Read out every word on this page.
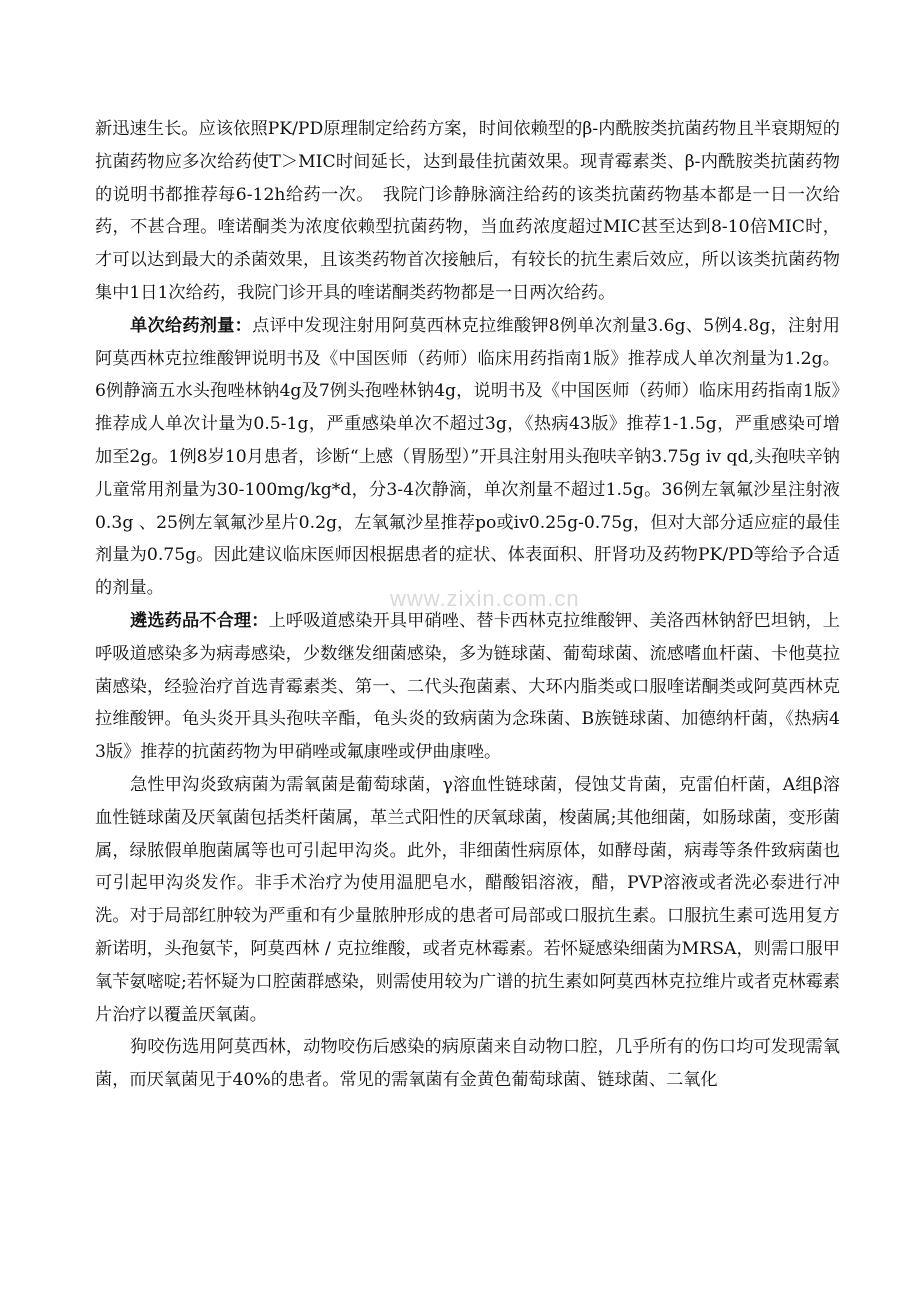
www.zixin.com.cn

新迅速生长。应该依照PK/PD原理制定给药方案，时间依赖型的β-内酰胺类抗菌药物且半衰期短的抗菌药物应多次给药使T＞MIC时间延长，达到最佳抗菌效果。现青霉素类、β-内酰胺类抗菌药物的说明书都推荐每6-12h给药一次。　我院门诊静脉滴注给药的该类抗菌药物基本都是一日一次给药，不甚合理。喹诺酮类为浓度依赖型抗菌药物，当血药浓度超过MIC甚至达到8-10倍MIC时，才可以达到最大的杀菌效果，且该类药物首次接触后，有较长的抗生素后效应，所以该类抗菌药物集中1日1次给药，我院门诊开具的喹诺酮类药物都是一日两次给药。

单次给药剂量：点评中发现注射用阿莫西林克拉维酸钾8例单次剂量3.6g、5例4.8g，注射用阿莫西林克拉维酸钾说明书及《中国医师（药师）临床用药指南1版》推荐成人单次剂量为1.2g。6例静滴五水头孢唑林钠4g及7例头孢唑林钠4g，说明书及《中国医师（药师）临床用药指南1版》推荐成人单次计量为0.5-1g，严重感染单次不超过3g，《热病43版》推荐1-1.5g，严重感染可增加至2g。1例8岁10月患者，诊断“上感（胃肠型）”开具注射用头孢呋辛钠3.75g iv qd,头孢呋辛钠儿童常用剂量为30-100mg/kg*d，分3-4次静滴，单次剂量不超过1.5g。36例左氧氟沙星注射液0.3g 、25例左氧氟沙星片0.2g，左氧氟沙星推荐po或iv0.25g-0.75g，但对大部分适应症的最佳剂量为0.75g。因此建议临床医师因根据患者的症状、体表面积、肝肾功及药物PK/PD等给予合适的剂量。

遴选药品不合理：上呼吸道感染开具甲硝唑、替卡西林克拉维酸钾、美洛西林钠舒巴坦钠，上呼吸道感染多为病毒感染，少数继发细菌感染，多为链球菌、葡萄球菌、流感嗜血杆菌、卡他莫拉菌感染，经验治疗首选青霉素类、第一、二代头孢菌素、大环内脂类或口服喹诺酮类或阿莫西林克拉维酸钾。龟头炎开具头孢呋辛酯，龟头炎的致病菌为念珠菌、B族链球菌、加德纳杆菌，《热病43版》推荐的抗菌药物为甲硝唑或氟康唑或伊曲康唑。

急性甲沟炎致病菌为需氧菌是葡萄球菌，γ溶血性链球菌，侵蚀艾肯菌，克雷伯杆菌，A组β溶血性链球菌及厌氧菌包括类杆菌属，革兰式阳性的厌氧球菌，梭菌属;其他细菌，如肠球菌，变形菌属，绿脓假单胞菌属等也可引起甲沟炎。此外，非细菌性病原体，如酵母菌，病毒等条件致病菌也可引起甲沟炎发作。非手术治疗为使用温肥皂水，醋酸铝溶液，醋，PVP溶液或者洗必泰进行冲洗。对于局部红肿较为严重和有少量脓肿形成的患者可局部或口服抗生素。口服抗生素可选用复方新诺明，头孢氨苄，阿莫西林 / 克拉维酸，或者克林霉素。若怀疑感染细菌为MRSA，则需口服甲氧苄氨嘧啶;若怀疑为口腔菌群感染，则需使用较为广谱的抗生素如阿莫西林克拉维片或者克林霉素片治疗以覆盖厌氧菌。

狗咬伤选用阿莫西林，动物咬伤后感染的病原菌来自动物口腔，几乎所有的伤口均可发现需氧菌，而厌氧菌见于40%的患者。常见的需氧菌有金黄色葡萄球菌、链球菌、二氧化
